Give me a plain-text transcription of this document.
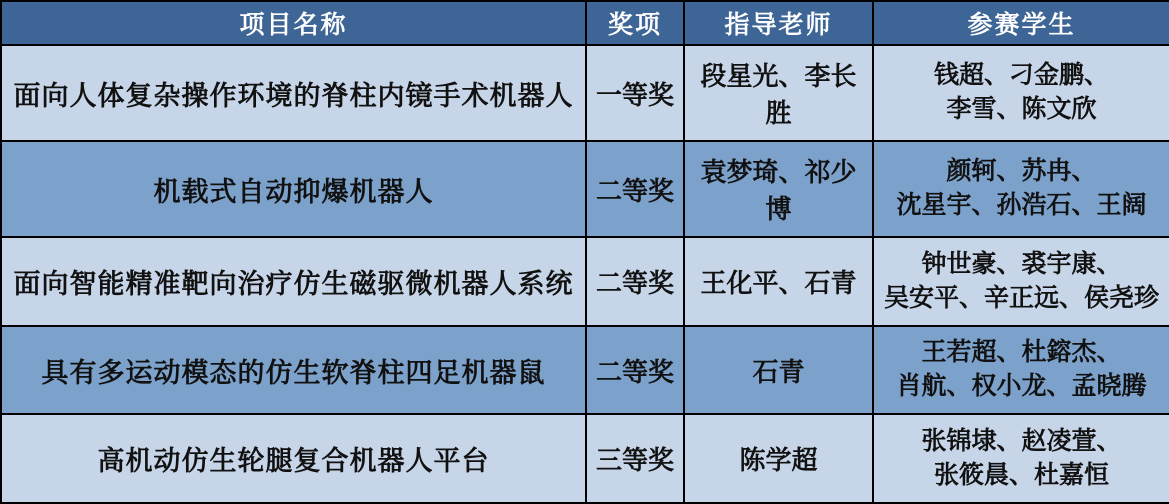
项目名称	奖项	指导老师	参赛学生
面向人体复杂操作环境的脊柱内镜手术机器人	一等奖	段星光、李长胜	钱超、刁金鹏、
李雪、陈文欣

机载式自动抑爆机器人	二等奖	袁梦琦、祁少博	颜轲、苏冉、
沈星宇、孙浩石、王阔

面向智能精准靶向治疗仿生磁驱微机器人系统	二等奖	王化平、石青	钟世豪、裘宇康、
吴安平、辛正远、侯尧珍

具有多运动模态的仿生软脊柱四足机器鼠	二等奖	石青	王若超、杜鎔杰、
肖航、权小龙、孟晓腾

高机动仿生轮腿复合机器人平台	三等奖	陈学超	张锦埭、赵凌萱、
张筱晨、杜嘉恒
